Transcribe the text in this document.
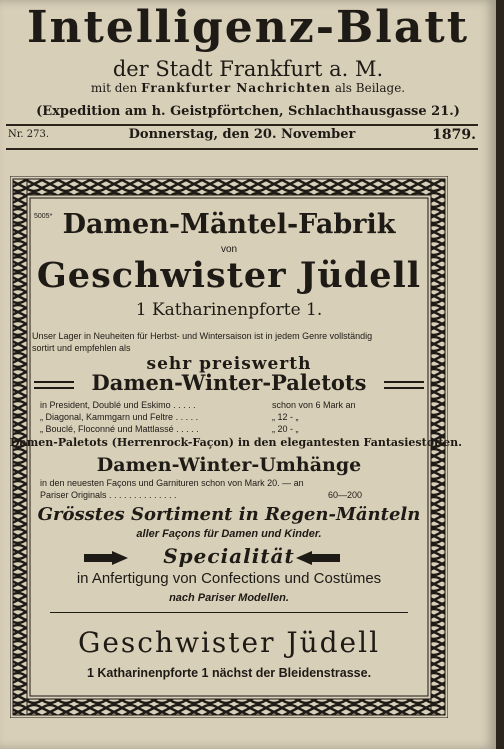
Intelligenz-Blatt
der Stadt Frankfurt a. M.
mit den Frankfurter Nachrichten als Beilage.
(Expedition am h. Geistpförtchen, Schlachthausgasse 21.)
Nr. 273.	Donnerstag, den 20. November	1879.
5005* Damen-Mäntel-Fabrik
von
Geschwister Jüdell
1 Katharinenpforte 1.
Unser Lager in Neuheiten für Herbst- und Wintersaison ist in jedem Genre vollständig
sortirt und empfehlen als
sehr preiswerth
Damen-Winter-Paletots
in President, Doublé und Eskimo . . . . .	schon von 6 Mark an
„ Diagonal, Kammgarn und Feltre . . . . .	„ 12 - „
„ Bouclé, Floconné und Mattlassé . . . . .	„ 20 - „
Damen-Paletots (Herrenrock-Façon) in den elegantesten Fantasiestoffen.
Damen-Winter-Umhänge
in den neuesten Façons und Garnituren schon von Mark 20. — an
Pariser Originals . . . . . . . . . . . . . .	60—200
Grösstes Sortiment in Regen-Mänteln
aller Façons für Damen und Kinder.
Specialität
in Anfertigung von Confections und Costümes
nach Pariser Modellen.
Geschwister Jüdell
1 Katharinenpforte 1 nächst der Bleidenstrasse.
